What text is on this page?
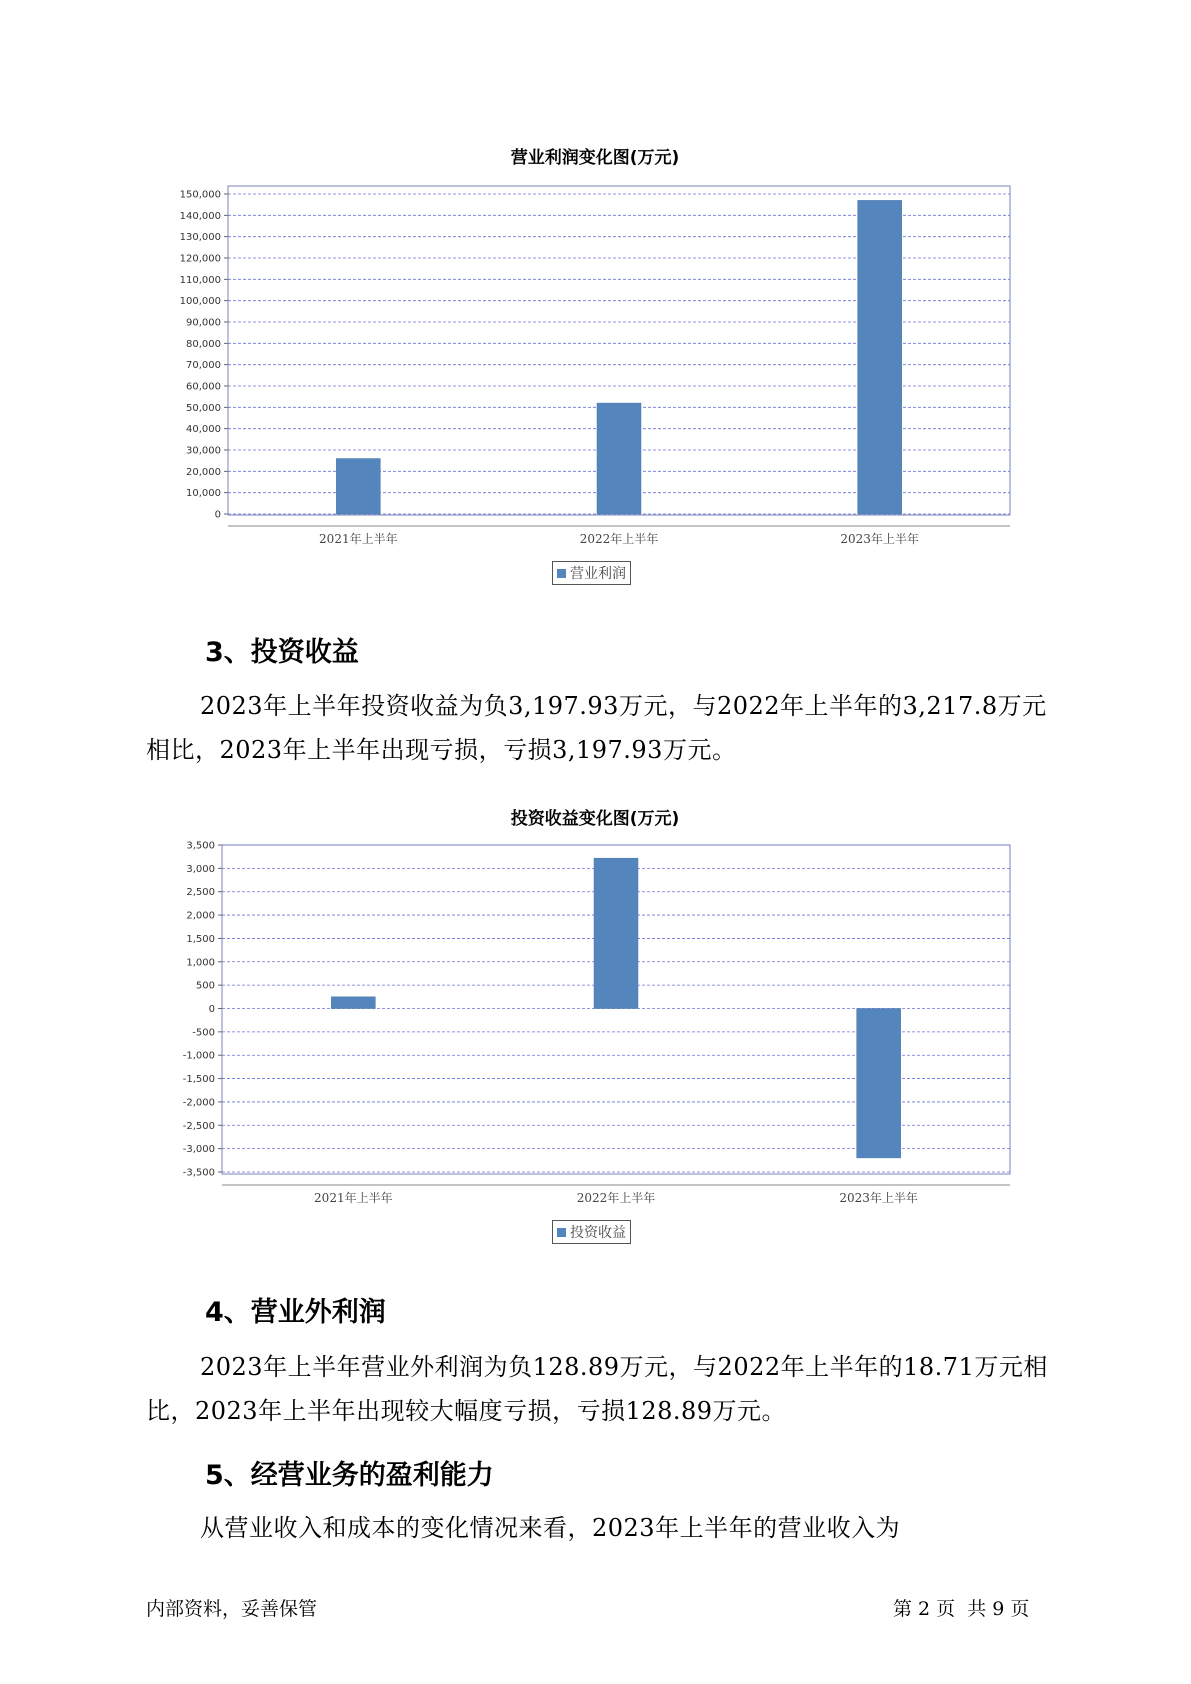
营业利润变化图(万元)
0
10,000
20,000
30,000
40,000
50,000
60,000
70,000
80,000
90,000
100,000
110,000
120,000
130,000
140,000
150,000
2021年上半年	2022年上半年	2023年上半年
营业利润
3、投资收益

2023年上半年投资收益为负3,197.93万元，与2022年上半年的3,217.8万元相比，2023年上半年出现亏损，亏损3,197.93万元。

投资收益变化图(万元)
3,500
3,000
2,500
2,000
1,500
1,000
500
0
-500
-1,000
-1,500
-2,000
-2,500
-3,000
-3,500
2021年上半年	2022年上半年	2023年上半年
投资收益
4、营业外利润

2023年上半年营业外利润为负128.89万元，与2022年上半年的18.71万元相比，2023年上半年出现较大幅度亏损，亏损128.89万元。

5、经营业务的盈利能力

从营业收入和成本的变化情况来看，2023年上半年的营业收入为

内部资料，妥善保管	第 2 页  共 9 页
